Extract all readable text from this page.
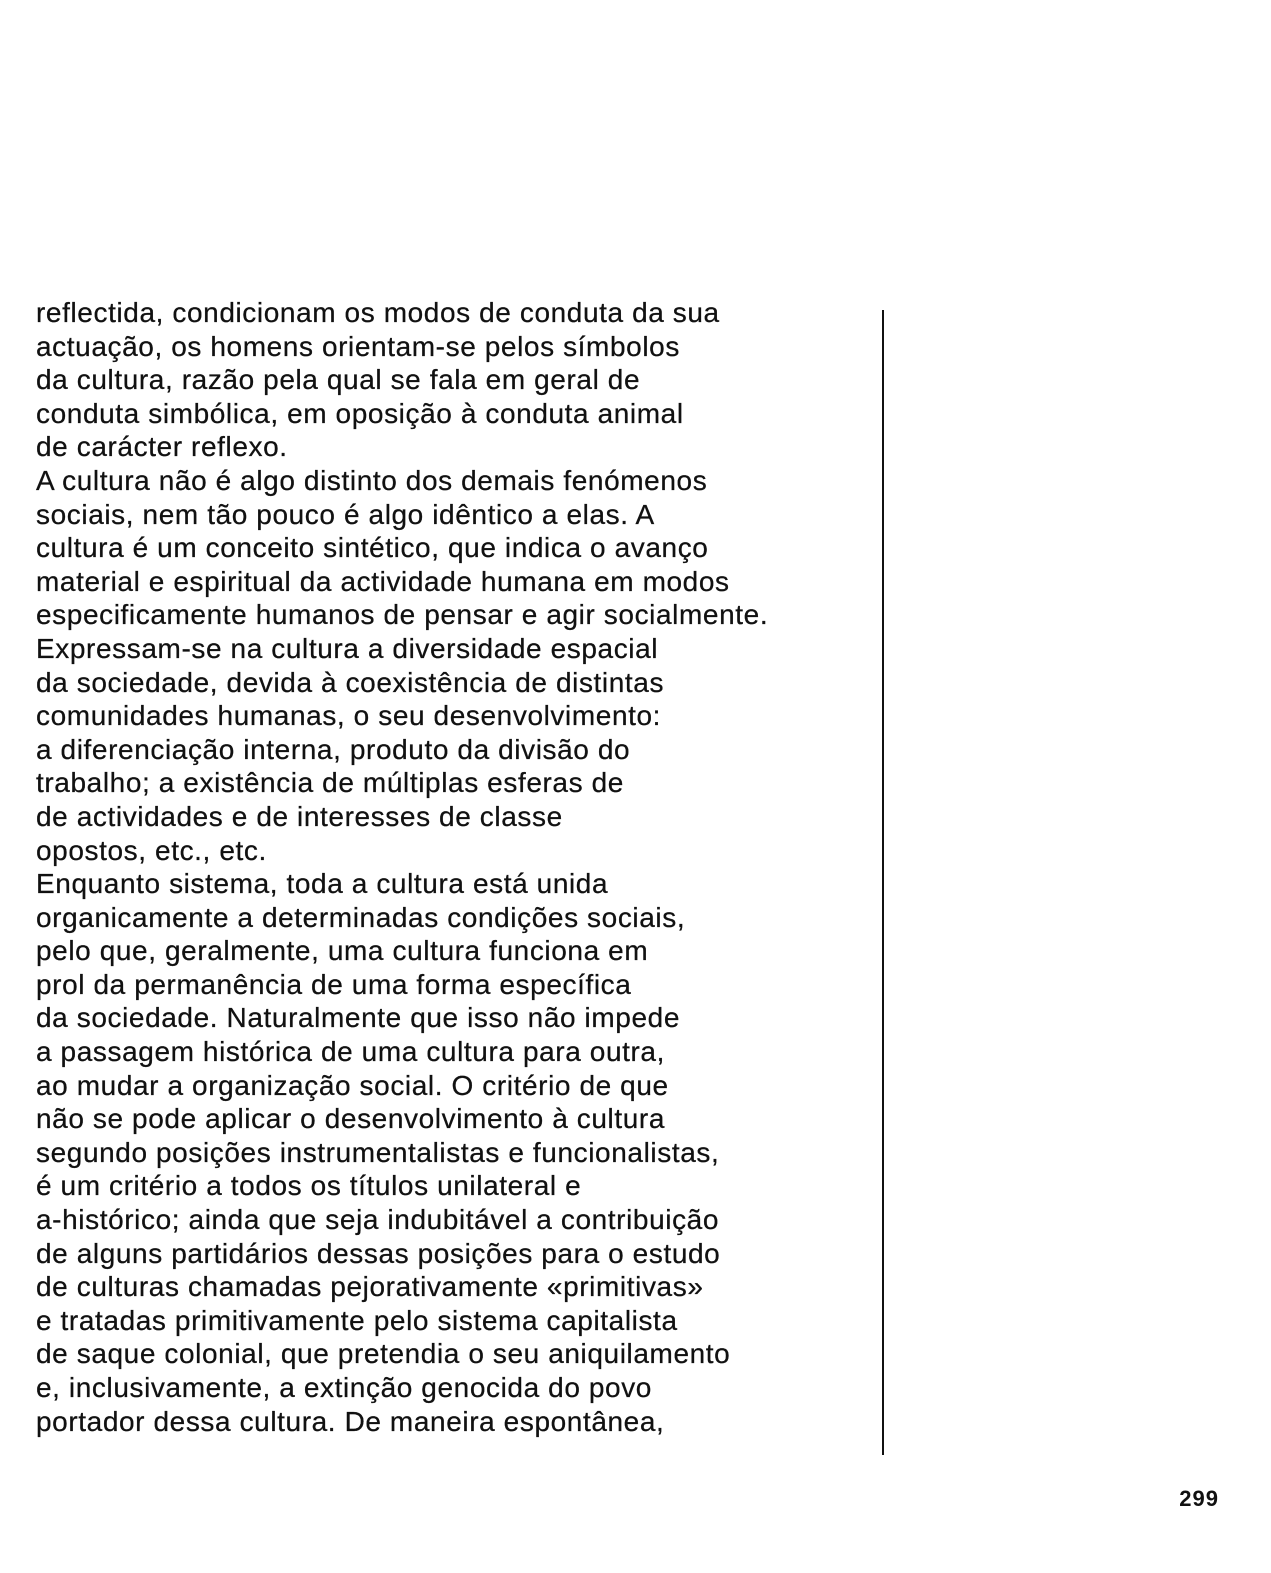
reflectida, condicionam os modos de conduta da sua
actuação, os homens orientam-se pelos símbolos
da cultura, razão pela qual se fala em geral de
conduta simbólica, em oposição à conduta animal
de carácter reflexo.
A cultura não é algo distinto dos demais fenómenos
sociais, nem tão pouco é algo idêntico a elas. A
cultura é um conceito sintético, que indica o avanço
material e espiritual da actividade humana em modos
especificamente humanos de pensar e agir socialmente.
Expressam-se na cultura a diversidade espacial
da sociedade, devida à coexistência de distintas
comunidades humanas, o seu desenvolvimento:
a diferenciação interna, produto da divisão do
trabalho; a existência de múltiplas esferas de
de actividades e de interesses de classe
opostos, etc., etc.
Enquanto sistema, toda a cultura está unida
organicamente a determinadas condições sociais,
pelo que, geralmente, uma cultura funciona em
prol da permanência de uma forma específica
da sociedade. Naturalmente que isso não impede
a passagem histórica de uma cultura para outra,
ao mudar a organização social. O critério de que
não se pode aplicar o desenvolvimento à cultura
segundo posições instrumentalistas e funcionalistas,
é um critério a todos os títulos unilateral e
a-histórico; ainda que seja indubitável a contribuição
de alguns partidários dessas posições para o estudo
de culturas chamadas pejorativamente «primitivas»
e tratadas primitivamente pelo sistema capitalista
de saque colonial, que pretendia o seu aniquilamento
e, inclusivamente, a extinção genocida do povo
portador dessa cultura. De maneira espontânea,
299
